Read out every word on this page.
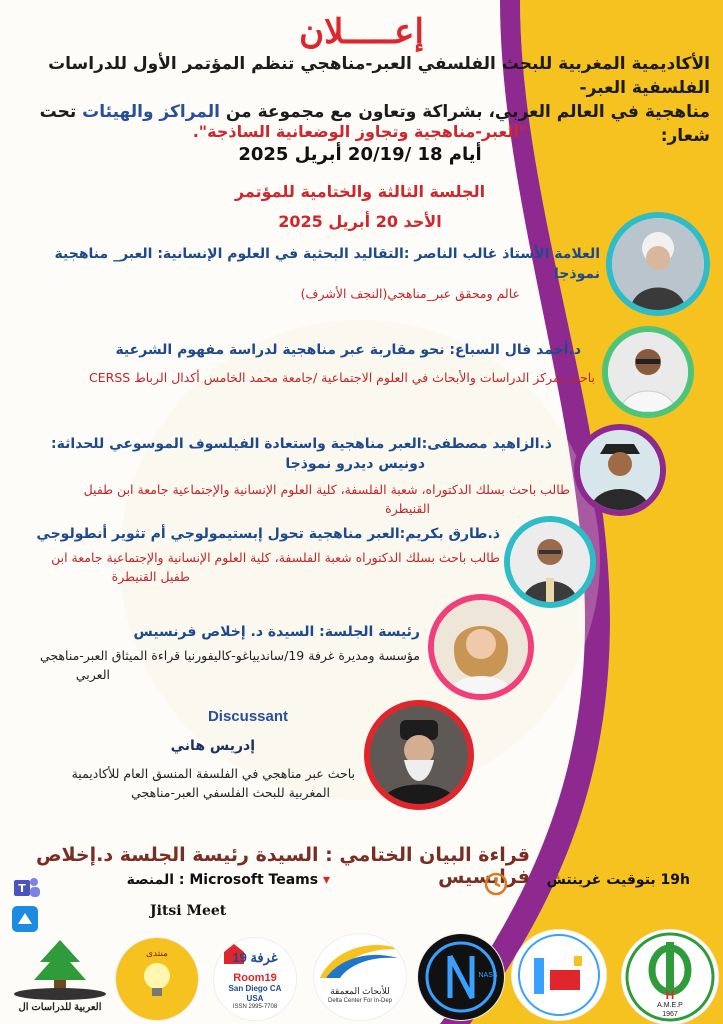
إعـــــلان
الأكاديمية المغربية للبحث الفلسفي العبر-مناهجي تنظم المؤتمر الأول للدراسات الفلسفية العبر-
مناهجية في العالم العربي، بشراكة وتعاون مع مجموعة من المراكز والهيئات تحت شعار:
"العبر-مناهجية وتجاوز الوضعانية الساذجة".
أيام 18 /20/19 أبريل 2025
الجلسة الثالثة والختامية للمؤتمر
الأحد 20 أبريل 2025
العلامة الأستاذ غالب الناصر :التقاليد البحثية في العلوم الإنسانية: العبر_ مناهجية نموذجا
عالم ومحقق عبر_مناهجي(النجف الأشرف)
د.أحمد فال السباع: نحو مقاربة عبر مناهجية لدراسة مفهوم الشرعية
باحث بمركز الدراسات والأبحاث في العلوم الاجتماعية /جامعة محمد الخامس أكدال الرباط CERSS
ذ.الزاهيد مصطفى:العبر مناهجية واستعادة الفيلسوف الموسوعي للحداثة:
دونيس ديدرو نموذجا
طالب باحث بسلك الدكتوراه، شعبة الفلسفة، كلية العلوم الإنسانية والإجتماعية جامعة ابن طفيل
القنيطرة
ذ.طارق بكريم:العبر مناهجية تحول إبستيمولوجي أم تثوير أنطولوجي
طالب باحث بسلك الدكتوراه شعبة الفلسفة، كلية العلوم الإنسانية والإجتماعية جامعة ابن
طفيل القنيطرة
رئيسة الجلسة: السيدة د. إخلاص فرنسيس
مؤسسة ومديرة غرفة 19/سانديياغو-كاليفورنيا قراءة الميثاق العبر-مناهجي
العربي
Discussant
إدريس هاني
باحث عبر مناهجي في الفلسفة المنسق العام للأكاديمية
المغربية للبحث الفلسفي العبر-مناهجي
قراءة البيان الختامي : السيدة رئيسة الجلسة د.إخلاص فرانسيس
▾ Microsoft Teams : المنصة
Jitsi Meet
19h بتوقيت غرينتش
T
العربية للدراسات ال
منتدى	غرفة 19
Room19
San Diego CA
USA
ISSN 2995-7708
للأبحاث المعمقة
Delta Center For In-Dep
NASS
H
A.M.E.P
1967
